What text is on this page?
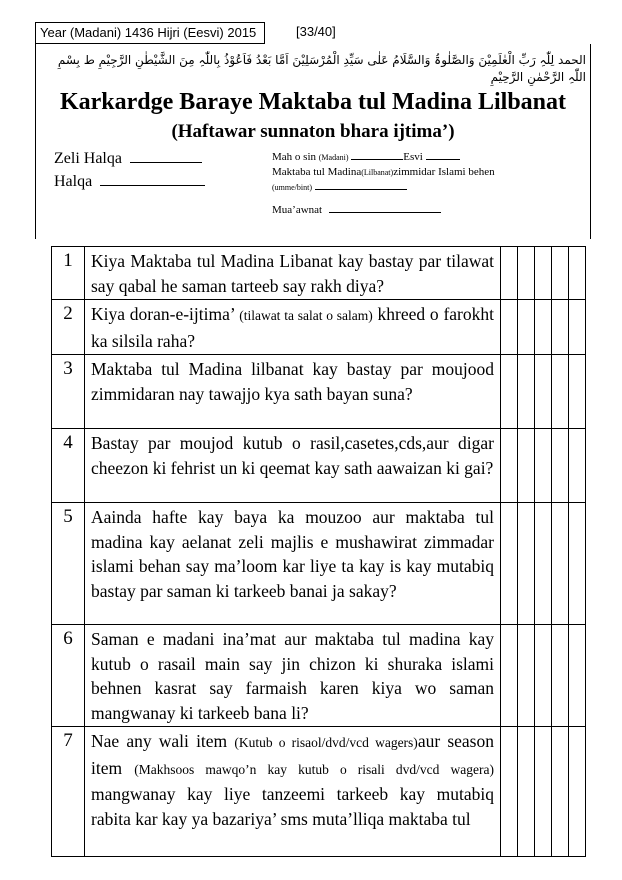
Year (Madani) 1436 Hijri (Eesvi) 2015	[33/40]
الحمد لِلّٰہِ رَبِّ الْعٰلَمِیْنَ وَالصَّلٰوۃُ وَالسَّلَامُ عَلٰی سَیِّدِ الْمُرْسَلِیْنَ اَمَّا بَعْدُ فَاَعُوْذُ بِاللّٰہِ مِنَ الشَّیْطٰنِ الرَّجِیْمِ ط بِسْمِ اللّٰہِ الرَّحْمٰنِ الرَّحِیْمِ
Karkardge Baraye Maktaba tul Madina Lilbanat
(Haftawar sunnaton bhara ijtima’)
Zeli Halqa
Halqa
Mah o sin (Madani)	Esvi
Maktaba tul Madina(Lilbanat)zimmidar Islami behen
(umme/bint)
Mua’awnat
1	Kiya Maktaba tul Madina Libanat kay bastay par tilawat say qabal he saman tarteeb say rakh diya?					
2	Kiya doran-e-ijtima’ (tilawat ta salat o salam) khreed o farokht ka silsila raha?					
3	Maktaba tul Madina lilbanat kay bastay par moujood zimmidaran nay tawajjo kya sath bayan suna?					
4	Bastay par moujod kutub o rasil,casetes,cds,aur digar cheezon ki fehrist un ki qeemat kay sath aawaizan ki gai?					
5	Aainda hafte kay baya ka mouzoo aur maktaba tul madina kay aelanat zeli majlis e mushawirat zimmadar islami behan say ma’loom kar liye ta kay is kay mutabiq bastay par saman ki tarkeeb banai ja sakay?					
6	Saman e madani ina’mat aur maktaba tul madina kay kutub o rasail main say jin chizon ki shuraka islami behnen kasrat say farmaish karen kiya wo saman mangwanay ki tarkeeb bana li?					
7	Nae any wali item (Kutub o risaol/dvd/vcd wagers)aur season item (Makhsoos mawqo’n kay kutub o risali dvd/vcd wagera) mangwanay kay liye tanzeemi tarkeeb kay mutabiq rabita kar kay ya bazariya’ sms muta’lliqa maktaba tul					
